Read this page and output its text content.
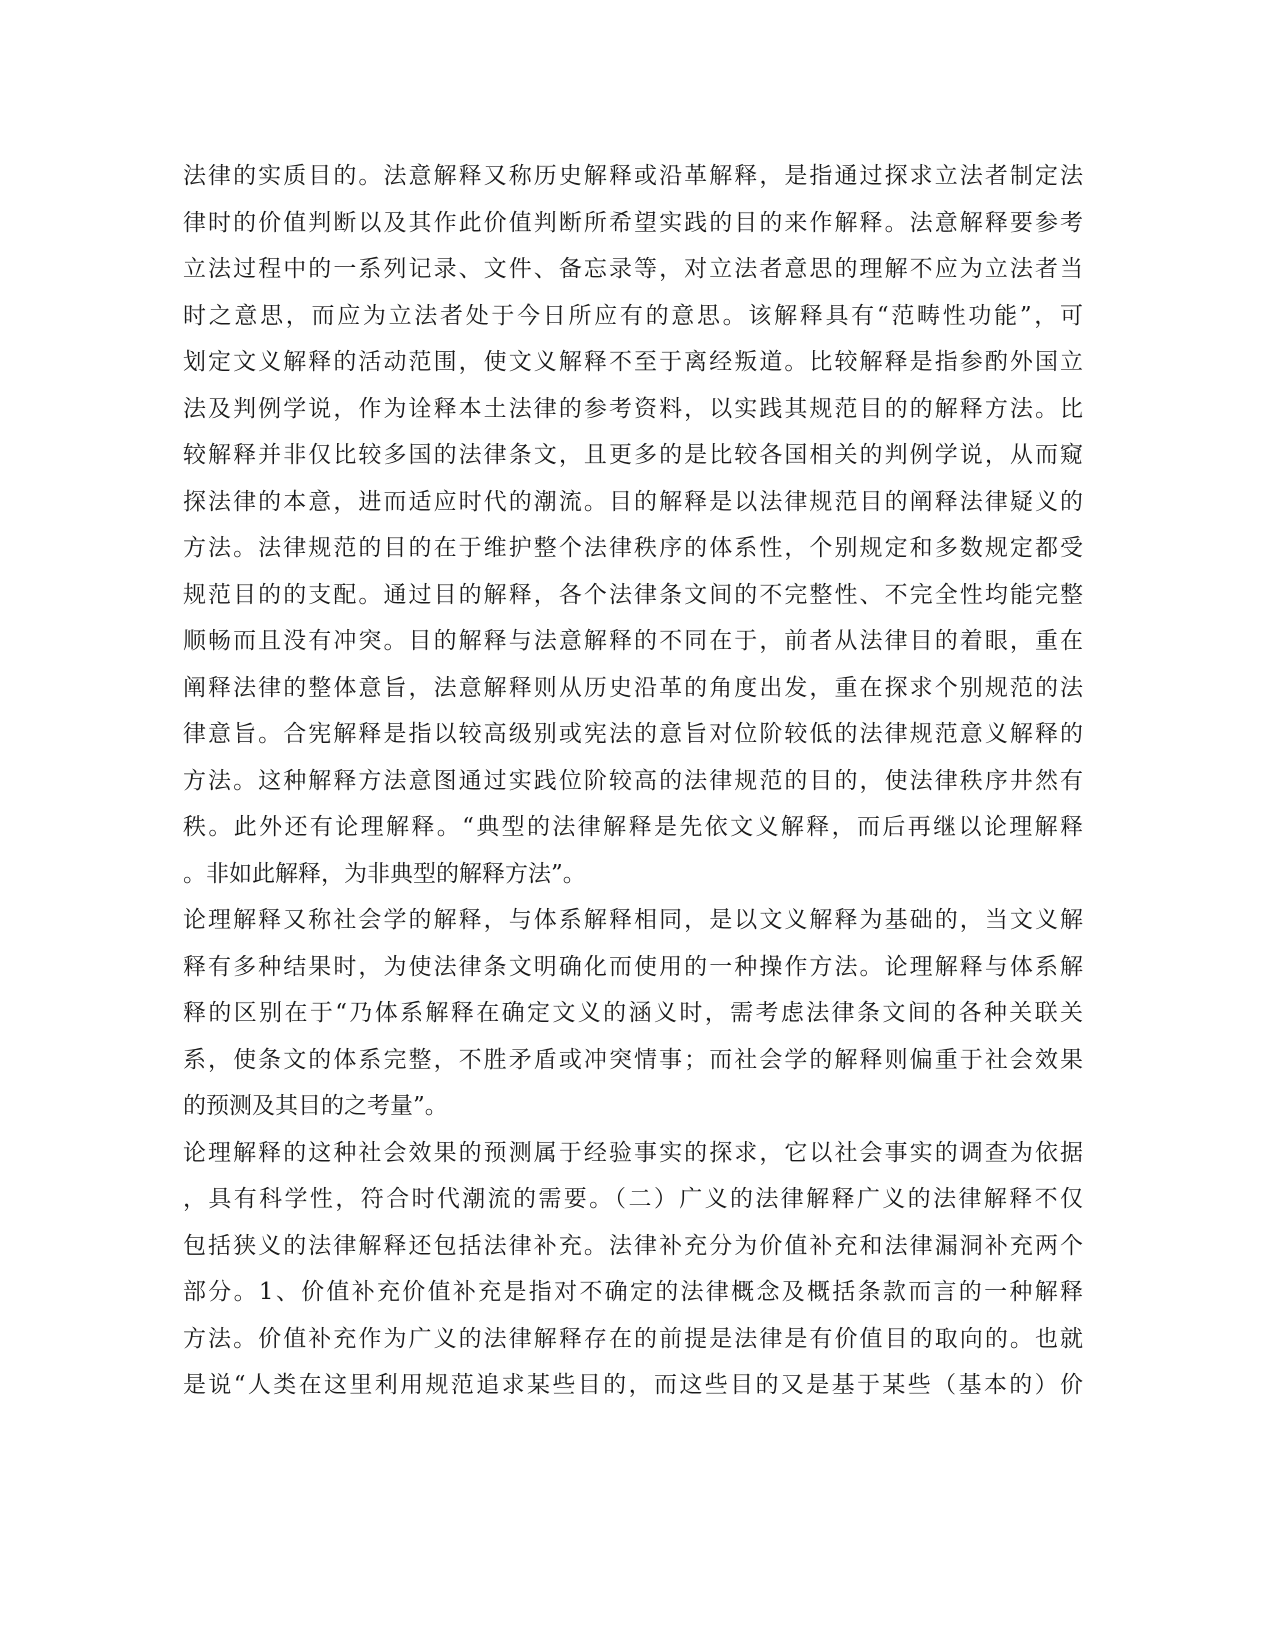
法律的实质目的。法意解释又称历史解释或沿革解释，是指通过探求立法者制定法
律时的价值判断以及其作此价值判断所希望实践的目的来作解释。法意解释要参考
立法过程中的一系列记录、文件、备忘录等，对立法者意思的理解不应为立法者当
时之意思，而应为立法者处于今日所应有的意思。该解释具有“范畴性功能”，可
划定文义解释的活动范围，使文义解释不至于离经叛道。比较解释是指参酌外国立
法及判例学说，作为诠释本土法律的参考资料，以实践其规范目的的解释方法。比
较解释并非仅比较多国的法律条文，且更多的是比较各国相关的判例学说，从而窥
探法律的本意，进而适应时代的潮流。目的解释是以法律规范目的阐释法律疑义的
方法。法律规范的目的在于维护整个法律秩序的体系性，个别规定和多数规定都受
规范目的的支配。通过目的解释，各个法律条文间的不完整性、不完全性均能完整
顺畅而且没有冲突。目的解释与法意解释的不同在于，前者从法律目的着眼，重在
阐释法律的整体意旨，法意解释则从历史沿革的角度出发，重在探求个别规范的法
律意旨。合宪解释是指以较高级别或宪法的意旨对位阶较低的法律规范意义解释的
方法。这种解释方法意图通过实践位阶较高的法律规范的目的，使法律秩序井然有
秩。此外还有论理解释。“典型的法律解释是先依文义解释，而后再继以论理解释
。非如此解释，为非典型的解释方法”。
论理解释又称社会学的解释，与体系解释相同，是以文义解释为基础的，当文义解
释有多种结果时，为使法律条文明确化而使用的一种操作方法。论理解释与体系解
释的区别在于“乃体系解释在确定文义的涵义时，需考虑法律条文间的各种关联关
系，使条文的体系完整，不胜矛盾或冲突情事；而社会学的解释则偏重于社会效果
的预测及其目的之考量”。
论理解释的这种社会效果的预测属于经验事实的探求，它以社会事实的调查为依据
，具有科学性，符合时代潮流的需要。（二）广义的法律解释广义的法律解释不仅
包括狭义的法律解释还包括法律补充。法律补充分为价值补充和法律漏洞补充两个
部分。1、价值补充价值补充是指对不确定的法律概念及概括条款而言的一种解释
方法。价值补充作为广义的法律解释存在的前提是法律是有价值目的取向的。也就
是说“人类在这里利用规范追求某些目的，而这些目的又是基于某些（基本的）价
